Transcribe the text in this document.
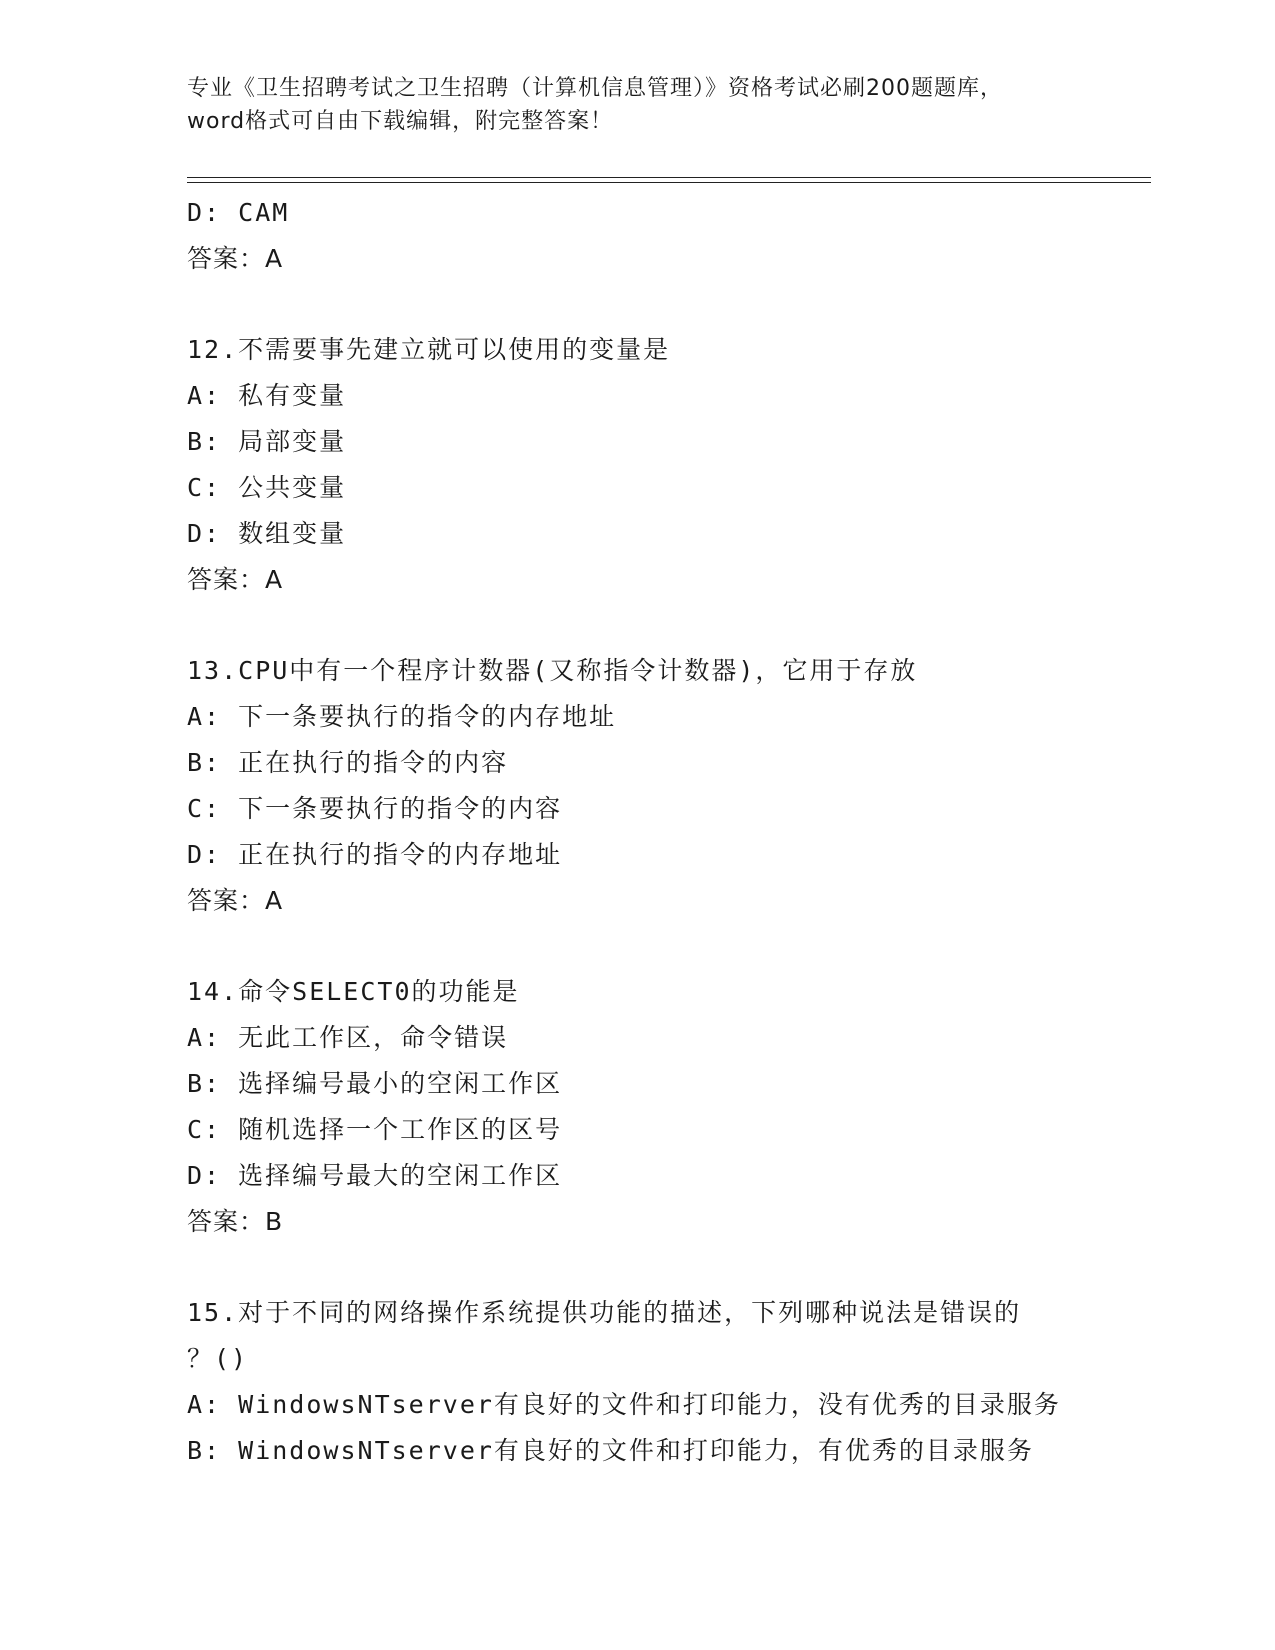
专业《卫生招聘考试之卫生招聘（计算机信息管理）》资格考试必刷200题题库，
word格式可自由下载编辑，附完整答案！
D: CAM
答案：A
12.不需要事先建立就可以使用的变量是
A: 私有变量
B: 局部变量
C: 公共变量
D: 数组变量
答案：A
13.CPU中有一个程序计数器(又称指令计数器)，它用于存放
A: 下一条要执行的指令的内存地址
B: 正在执行的指令的内容
C: 下一条要执行的指令的内容
D: 正在执行的指令的内存地址
答案：A
14.命令SELECT0的功能是
A: 无此工作区，命令错误
B: 选择编号最小的空闲工作区
C: 随机选择一个工作区的区号
D: 选择编号最大的空闲工作区
答案：B
15.对于不同的网络操作系统提供功能的描述，下列哪种说法是错误的
？()
A: WindowsNTserver有良好的文件和打印能力，没有优秀的目录服务
B: WindowsNTserver有良好的文件和打印能力，有优秀的目录服务
